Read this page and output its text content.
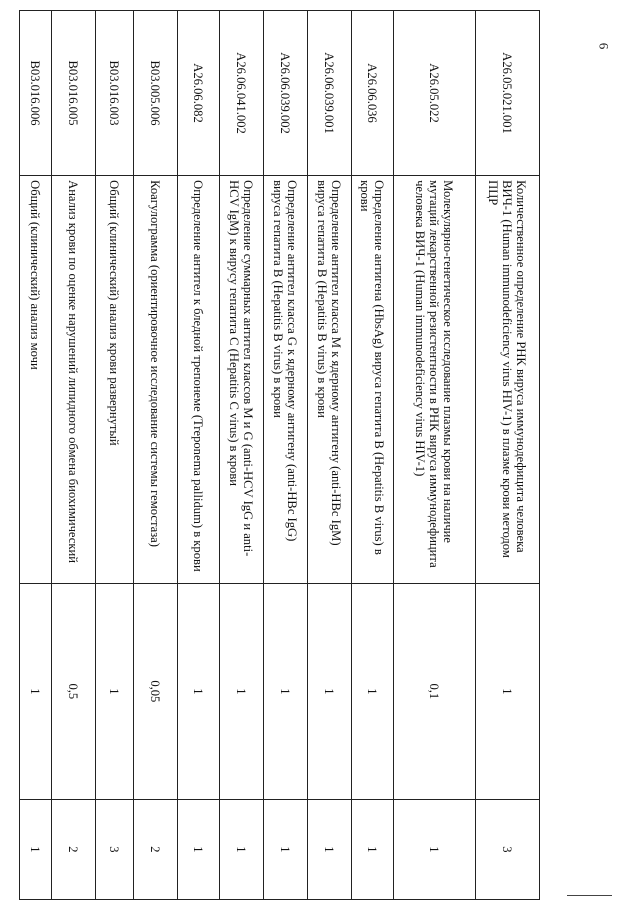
6
A26.05.021.001	Количественное определение РНК вируса иммунодефицита человека ВИЧ-1 (Human immunodeficiency virus HIV-1) в плазме крови методом ПЦР	1	3
A26.05.022	Молекулярно-генетическое исследование плазмы крови на наличие мутаций лекарственной резистентности в РНК вируса иммунодефицита человека ВИЧ-1 (Human immunodeficiency virus HIV-1)	0,1	1
A26.06.036	Определение антигена (HbsAg) вируса гепатита B (Hepatitis B virus) в крови	1	1
A26.06.039.001	Определение антител класса M к ядерному антигену (anti-HBc IgM) вируса гепатита B (Hepatitis B virus) в крови	1	1
A26.06.039.002	Определение антител класса G к ядерному антигену (anti-HBc IgG) вируса гепатита B (Hepatitis B virus) в крови	1	1
A26.06.041.002	Определение суммарных антител классов M и G (anti-HCV IgG и anti-HCV IgM) к вирусу гепатита C (Hepatitis C virus) в крови	1	1
A26.06.082	Определение антител к бледной трепонеме (Treponema pallidum) в крови	1	1
B03.005.006	Коагулограмма (ориентировочное исследование системы гемостаза)	0,05	2
B03.016.003	Общий (клинический) анализ крови развернутый	1	3
B03.016.005	Анализ крови по оценке нарушений липидного обмена биохимический	0,5	2
B03.016.006	Общий (клинический) анализ мочи	1	1
